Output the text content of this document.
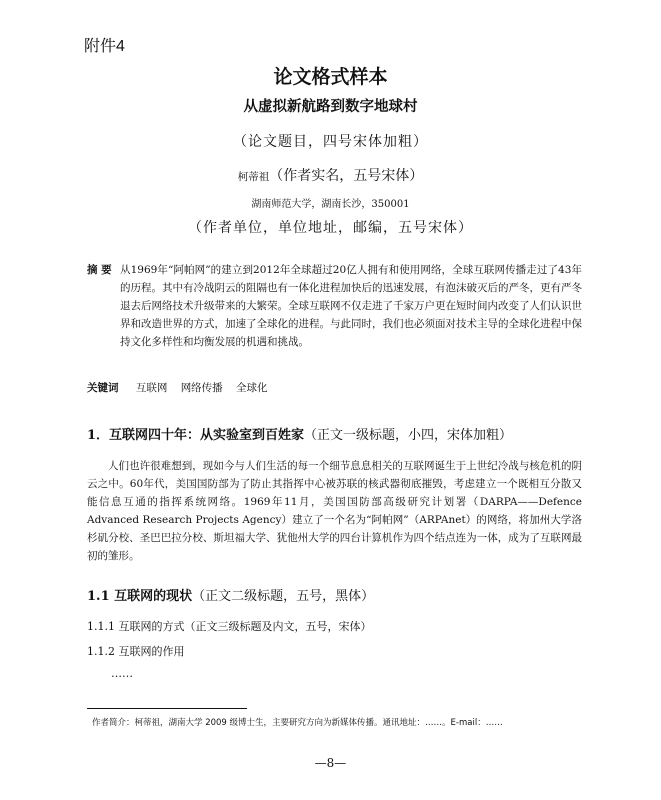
附件4
论文格式样本
从虚拟新航路到数字地球村
（论文题目，四号宋体加粗）
柯蒂祖（作者实名，五号宋体）
湖南师范大学，湖南长沙，350001
（作者单位，单位地址，邮编，五号宋体）
摘 要 从1969年“阿帕网”的建立到2012年全球超过20亿人拥有和使用网络，全球互联网传播走过了43年的历程。其中有冷战阴云的阻隔也有一体化进程加快后的迅速发展，有泡沫破灭后的严冬，更有严冬退去后网络技术升级带来的大繁荣。全球互联网不仅走进了千家万户更在短时间内改变了人们认识世界和改造世界的方式，加速了全球化的进程。与此同时，我们也必须面对技术主导的全球化进程中保持文化多样性和均衡发展的机遇和挑战。
关键词 互联网 网络传播 全球化
1．互联网四十年：从实验室到百姓家（正文一级标题，小四，宋体加粗）
人们也许很难想到，现如今与人们生活的每一个细节息息相关的互联网诞生于上世纪冷战与核危机的阴云之中。60年代，美国国防部为了防止其指挥中心被苏联的核武器彻底摧毁，考虑建立一个既相互分散又能信息互通的指挥系统网络。1969年11月，美国国防部高级研究计划署（DARPA——Defence Advanced Research Projects Agency）建立了一个名为“阿帕网”（ARPAnet）的网络，将加州大学洛杉矶分校、圣巴巴拉分校、斯坦福大学、犹他州大学的四台计算机作为四个结点连为一体，成为了互联网最初的雏形。
1.1 互联网的现状（正文二级标题，五号，黑体）
1.1.1 互联网的方式（正文三级标题及内文，五号，宋体）
1.1.2 互联网的作用
……
作者简介：柯蒂祖，湖南大学 2009 级博士生，主要研究方向为新媒体传播。通讯地址：……。E-mail：……
—8—
